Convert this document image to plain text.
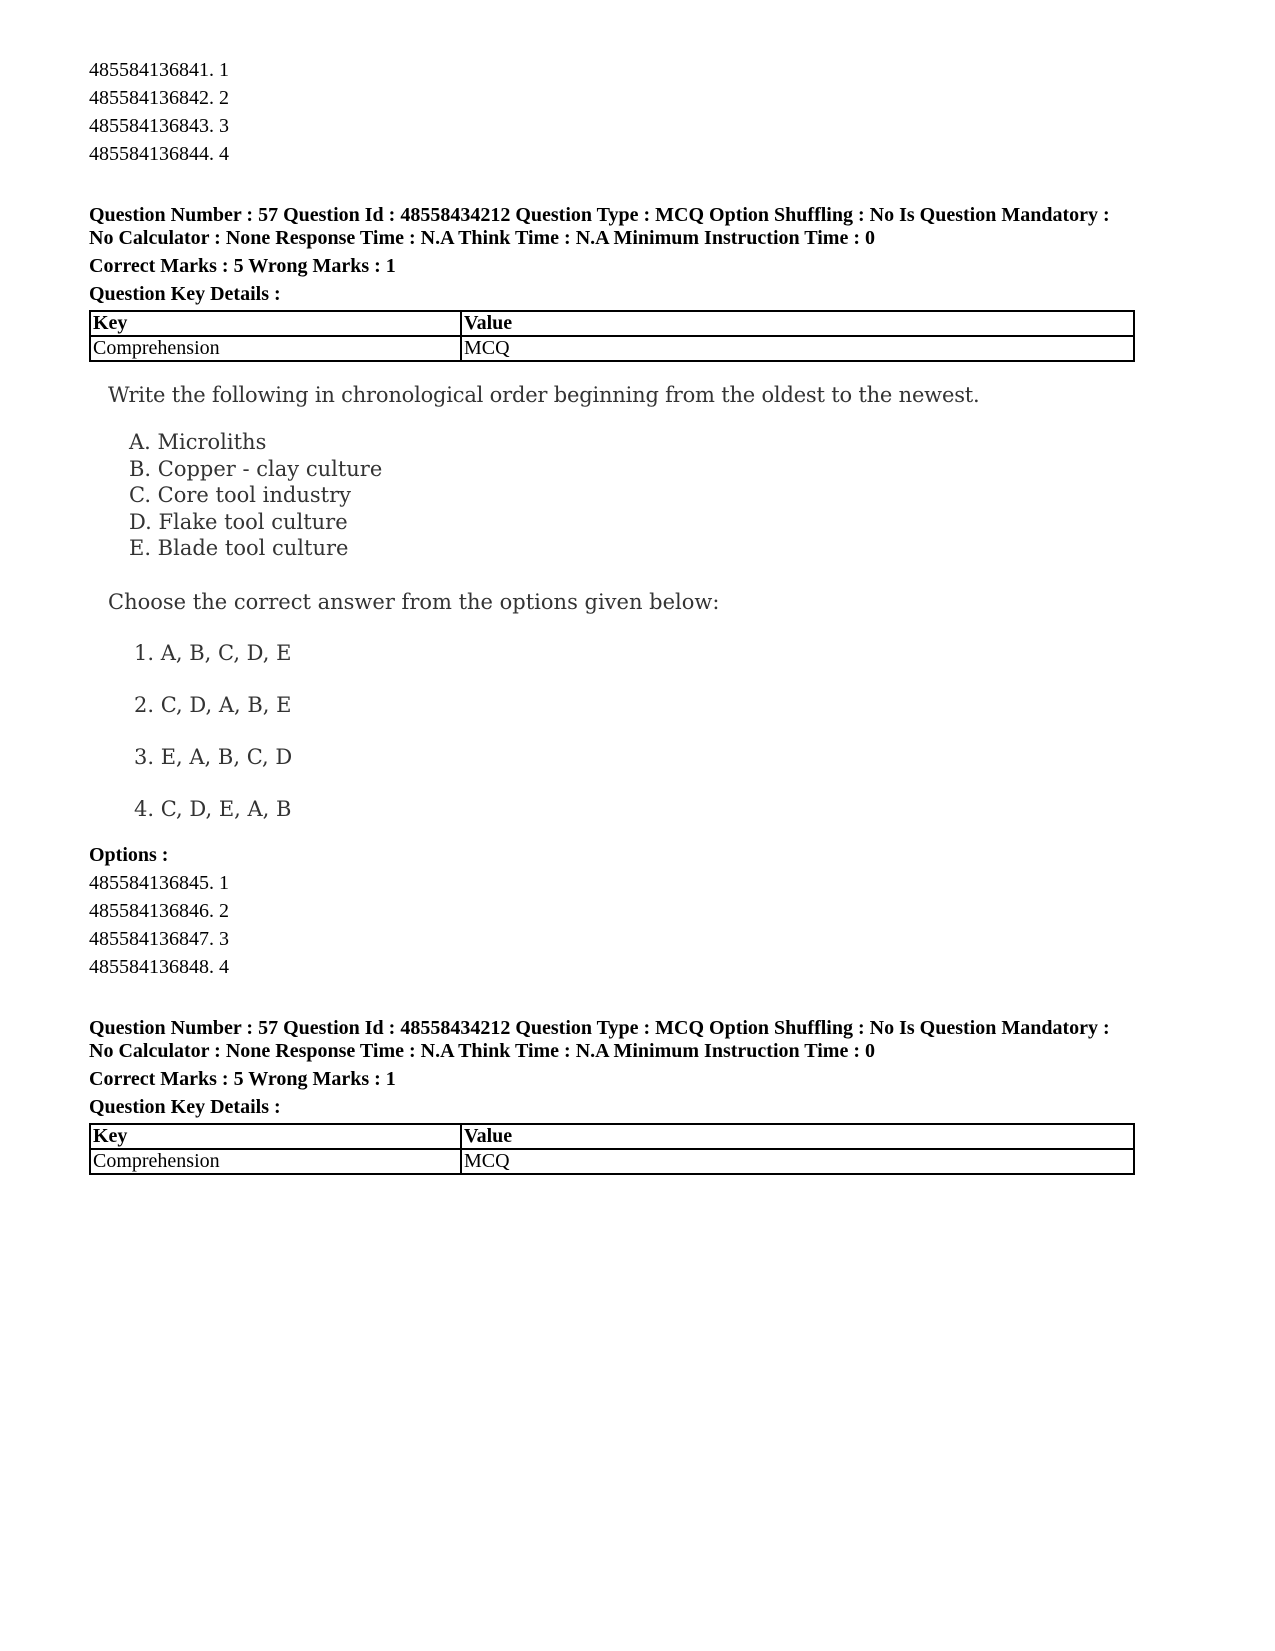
485584136841. 1
485584136842. 2
485584136843. 3
485584136844. 4
Question Number : 57 Question Id : 48558434212 Question Type : MCQ Option Shuffling : No Is Question Mandatory :
No Calculator : None Response Time : N.A Think Time : N.A Minimum Instruction Time : 0
Correct Marks : 5 Wrong Marks : 1
Question Key Details :
Key	Value
Comprehension	MCQ
Write the following in chronological order beginning from the oldest to the newest.
A. Microliths
B. Copper - clay culture
C. Core tool industry
D. Flake tool culture
E. Blade tool culture
Choose the correct answer from the options given below:
1. A, B, C, D, E
2. C, D, A, B, E
3. E, A, B, C, D
4. C, D, E, A, B
Options :
485584136845. 1
485584136846. 2
485584136847. 3
485584136848. 4
Question Number : 57 Question Id : 48558434212 Question Type : MCQ Option Shuffling : No Is Question Mandatory :
No Calculator : None Response Time : N.A Think Time : N.A Minimum Instruction Time : 0
Correct Marks : 5 Wrong Marks : 1
Question Key Details :
Key	Value
Comprehension	MCQ
